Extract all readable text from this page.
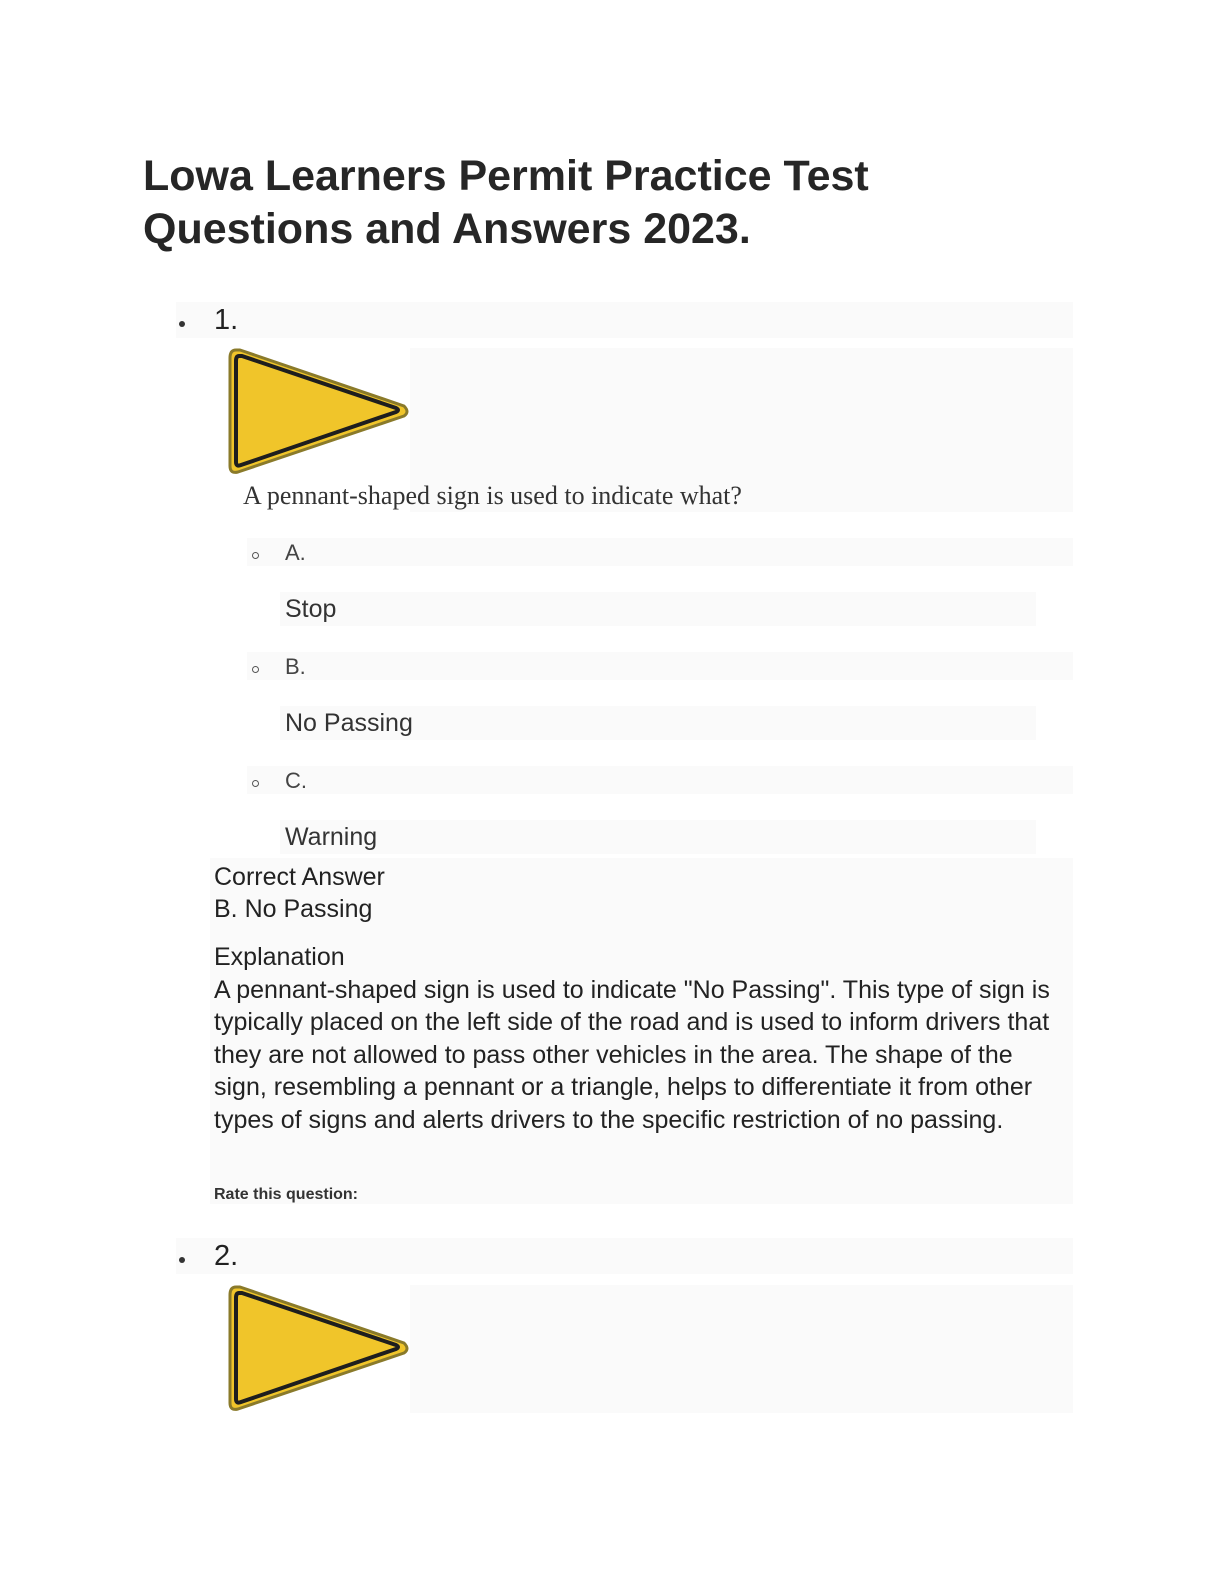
Lowa Learners Permit Practice Test
Questions and Answers 2023.
1.
A pennant-shaped sign is used to indicate what?
A.
Stop
B.
No Passing
C.
Warning
Correct Answer
B. No Passing
Explanation
A pennant-shaped sign is used to indicate "No Passing". This type of sign is typically placed on the left side of the road and is used to inform drivers that they are not allowed to pass other vehicles in the area. The shape of the sign, resembling a pennant or a triangle, helps to differentiate it from other types of signs and alerts drivers to the specific restriction of no passing.
Rate this question:
2.
